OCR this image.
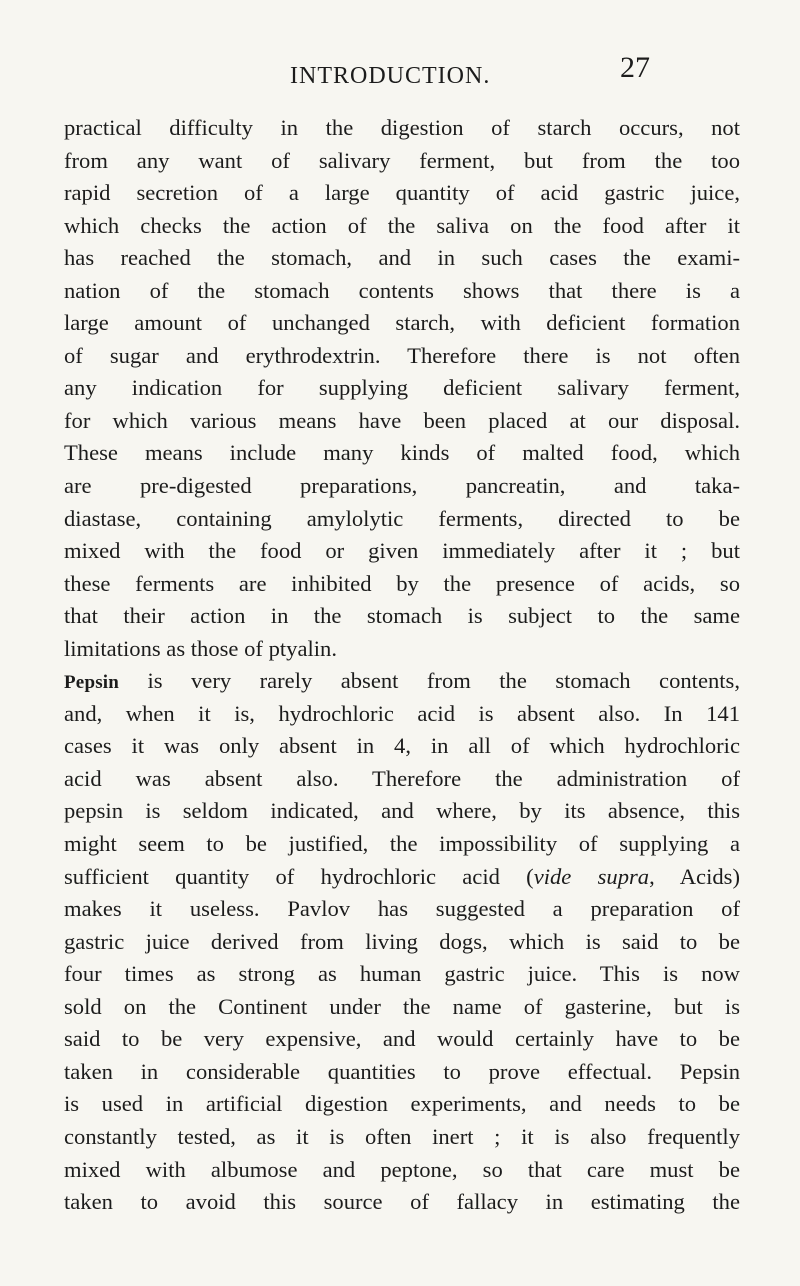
INTRODUCTION.	27
practical difficulty in the digestion of starch occurs, not
from any want of salivary ferment, but from the too
rapid secretion of a large quantity of acid gastric juice,
which checks the action of the saliva on the food after it
has reached the stomach, and in such cases the exami-
nation of the stomach contents shows that there is a
large amount of unchanged starch, with deficient formation
of sugar and erythrodextrin. Therefore there is not often
any indication for supplying deficient salivary ferment,
for which various means have been placed at our disposal.
These means include many kinds of malted food, which
are pre-digested preparations, pancreatin, and taka-
diastase, containing amylolytic ferments, directed to be
mixed with the food or given immediately after it ; but
these ferments are inhibited by the presence of acids, so
that their action in the stomach is subject to the same
limitations as those of ptyalin.
Pepsin is very rarely absent from the stomach contents,
and, when it is, hydrochloric acid is absent also. In 141
cases it was only absent in 4, in all of which hydrochloric
acid was absent also. Therefore the administration of
pepsin is seldom indicated, and where, by its absence, this
might seem to be justified, the impossibility of supplying a
sufficient quantity of hydrochloric acid (vide supra, Acids)
makes it useless. Pavlov has suggested a preparation of
gastric juice derived from living dogs, which is said to be
four times as strong as human gastric juice. This is now
sold on the Continent under the name of gasterine, but is
said to be very expensive, and would certainly have to be
taken in considerable quantities to prove effectual. Pepsin
is used in artificial digestion experiments, and needs to be
constantly tested, as it is often inert ; it is also frequently
mixed with albumose and peptone, so that care must be
taken to avoid this source of fallacy in estimating the
